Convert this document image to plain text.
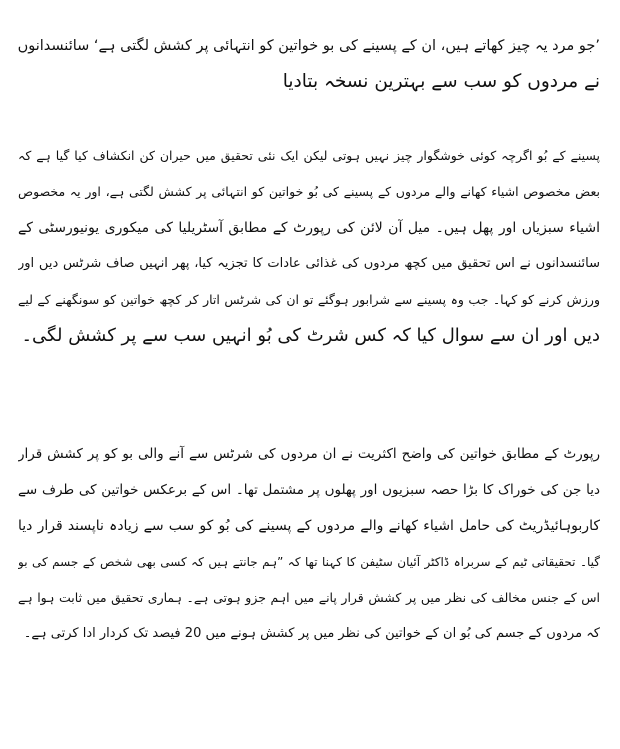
’جو مرد یہ چیز کھاتے ہیں، ان کے پسینے کی بو خواتین کو انتہائی پر کشش لگتی ہے‘ سائنسدانوں
نے مردوں کو سب سے بہترین نسخہ بتادیا

پسینے کے بُو اگرچہ کوئی خوشگوار چیز نہیں ہوتی لیکن ایک نئی تحقیق میں حیران کن انکشاف کیا گیا ہے کہ
بعض مخصوص اشیاء کھانے والے مردوں کے پسینے کی بُو خواتین کو انتہائی پر کشش لگتی ہے، اور یہ مخصوص
اشیاء سبزیاں اور پھل ہیں۔ میل آن لائن کی رپورٹ کے مطابق آسٹریلیا کی میکوری یونیورسٹی کے
سائنسدانوں نے اس تحقیق میں کچھ مردوں کی غذائی عادات کا تجزیہ کیا، پھر انہیں صاف شرٹس دیں اور
ورزش کرنے کو کہا۔ جب وہ پسینے سے شرابور ہوگئے تو ان کی شرٹس اتار کر کچھ خواتین کو سونگھنے کے لیے
دیں اور ان سے سوال کیا کہ کس شرٹ کی بُو انہیں سب سے پر کشش لگی۔

رپورٹ کے مطابق خواتین کی واضح اکثریت نے ان مردوں کی شرٹس سے آنے والی بو کو پر کشش قرار
دیا جن کی خوراک کا بڑا حصہ سبزیوں اور پھلوں پر مشتمل تھا۔ اس کے برعکس خواتین کی طرف سے
کاربوہائیڈریٹ کی حامل اشیاء کھانے والے مردوں کے پسینے کی بُو کو سب سے زیادہ ناپسند قرار دیا
گیا۔ تحقیقاتی ٹیم کے سربراہ ڈاکٹر آئیان سٹیفن کا کہنا تھا کہ ”ہم جانتے ہیں کہ کسی بھی شخص کے جسم کی بو
اس کے جنس مخالف کی نظر میں پر کشش قرار پانے میں اہم جزو ہوتی ہے۔ ہماری تحقیق میں ثابت ہوا ہے
کہ مردوں کے جسم کی بُو ان کے خواتین کی نظر میں پر کشش ہونے میں 20 فیصد تک کردار ادا کرتی ہے۔
